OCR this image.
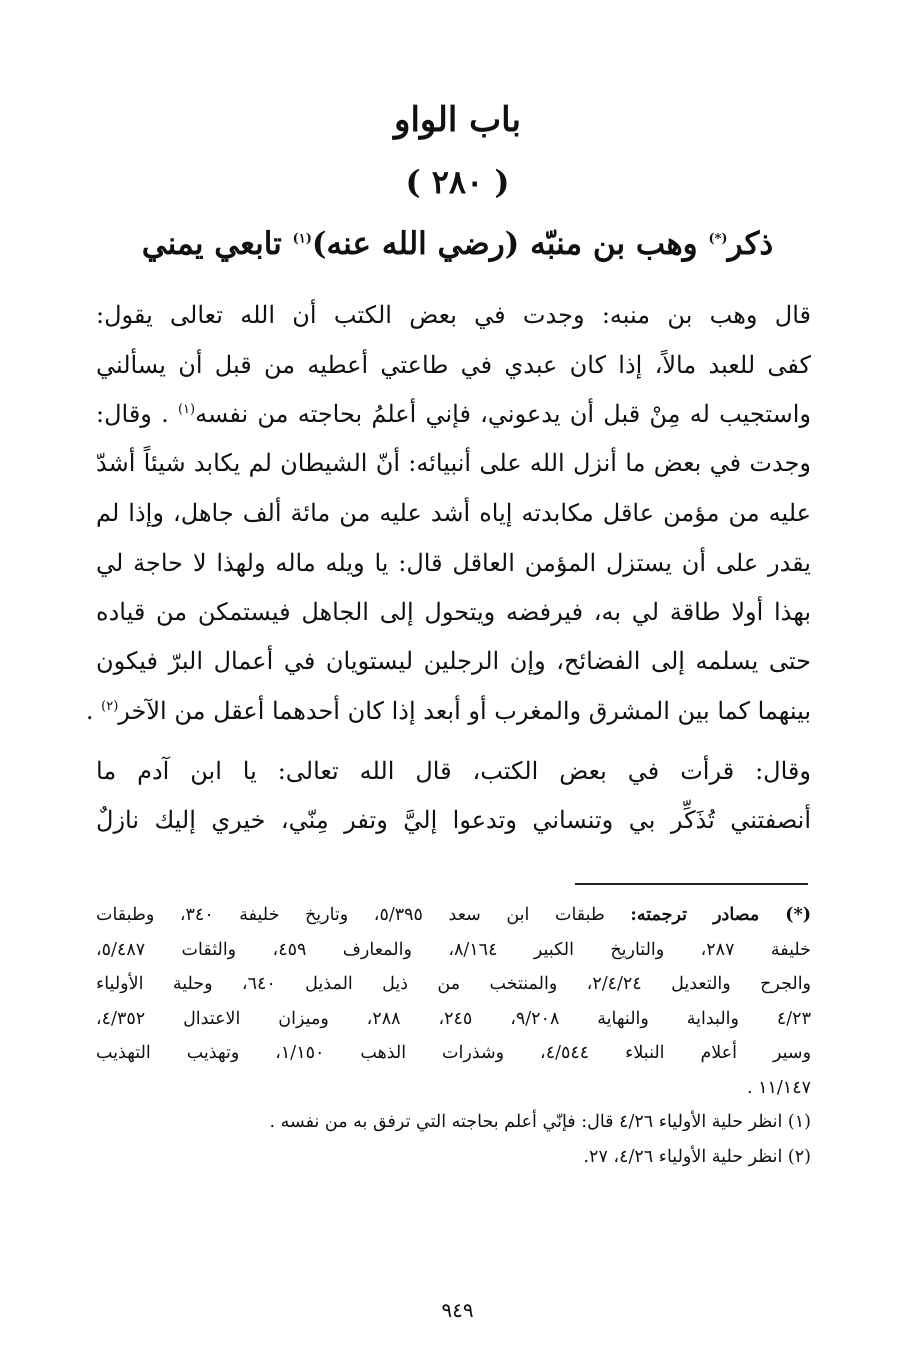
باب الواو
( ٢٨٠ )
ذكر(*) وهب بن منبّه (رضي الله عنه)$^{(١)}$ تابعي يمني
قال وهب بن منبه: وجدت في بعض الكتب أن الله تعالى يقول:
كفى للعبد مالاً، إذا كان عبدي في طاعتي أعطيه من قبل أن يسألني
واستجيب له مِنْ قبل أن يدعوني، فإني أعلمُ بحاجته من نفسه$^{(١)}$ . وقال:
وجدت في بعض ما أنزل الله على أنبيائه: أنّ الشيطان لم يكابد شيئاً أشدّ
عليه من مؤمن عاقل مكابدته إياه أشد عليه من مائة ألف جاهل، وإذا لم
يقدر على أن يستزل المؤمن العاقل قال: يا ويله ماله ولهذا لا حاجة لي
بهذا أولا طاقة لي به، فيرفضه ويتحول إلى الجاهل فيستمكن من قياده
حتى يسلمه إلى الفضائح، وإن الرجلين ليستويان في أعمال البرّ فيكون
بينهما كما بين المشرق والمغرب أو أبعد إذا كان أحدهما أعقل من الآخر$^{(٢)}$ .
وقال: قرأت في بعض الكتب، قال الله تعالى: يا ابن آدم ما
أنصفتني تُذَكِّر بي وتنساني وتدعوا إليَّ وتفر مِنّي، خيري إليك نازلٌ
(*) مصادر ترجمته: طبقات ابن سعد ٥/٣٩٥، وتاريخ خليفة ٣٤٠، وطبقات
خليفة ٢٨٧، والتاريخ الكبير ٨/١٦٤، والمعارف ٤٥٩، والثقات ٥/٤٨٧،
والجرح والتعديل ٢/٤/٢٤، والمنتخب من ذيل المذيل ٦٤٠، وحلية الأولياء
٤/٢٣ والبداية والنهاية ٩/٢٠٨، ٢٤٥، ٢٨٨، وميزان الاعتدال ٤/٣٥٢،
وسير أعلام النبلاء ٤/٥٤٤، وشذرات الذهب ١/١٥٠، وتهذيب التهذيب
١١/١٤٧ .
(١) انظر حلية الأولياء ٤/٢٦ قال: فإنّي أعلم بحاجته التي ترفق به من نفسه .
(٢) انظر حلية الأولياء ٤/٢٦، ٢٧.
٩٤٩
